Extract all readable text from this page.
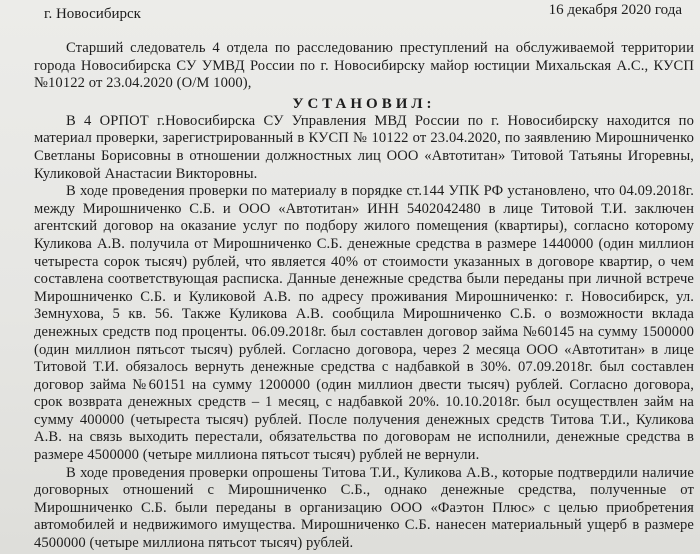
г. Новосибирск	16 декабря 2020 года

Старший следователь 4 отдела по расследованию преступлений на обслуживаемой территории города Новосибирска СУ УМВД России по г. Новосибирску майор юстиции Михальская А.С., КУСП №10122 от 23.04.2020 (О/М 1000),

УСТАНОВИЛ:

В 4 ОРПОТ г.Новосибирска СУ Управления МВД России по г. Новосибирску находится по материал проверки, зарегистрированный в КУСП № 10122 от 23.04.2020, по заявлению Мирошниченко Светланы Борисовны в отношении должностных лиц ООО «Автотитан» Титовой Татьяны Игоревны, Куликовой Анастасии Викторовны.

В ходе проведения проверки по материалу в порядке ст.144 УПК РФ установлено, что 04.09.2018г. между Мирошниченко С.Б. и ООО «Автотитан» ИНН 5402042480 в лице Титовой Т.И. заключен агентский договор на оказание услуг по подбору жилого помещения (квартиры), согласно которому Куликова А.В. получила от Мирошниченко С.Б. денежные средства в размере 1440000 (один миллион четыреста сорок тысяч) рублей, что является 40% от стоимости указанных в договоре квартир, о чем составлена соответствующая расписка. Данные денежные средства были переданы при личной встрече Мирошниченко С.Б. и Куликовой А.В. по адресу проживания Мирошниченко: г. Новосибирск, ул. Земнухова, 5 кв. 56. Также Куликова А.В. сообщила Мирошниченко С.Б. о возможности вклада денежных средств под проценты. 06.09.2018г. был составлен договор займа №60145 на сумму 1500000 (один миллион пятьсот тысяч) рублей. Согласно договора, через 2 месяца ООО «Автотитан» в лице Титовой Т.И. обязалось вернуть денежные средства с надбавкой в 30%. 07.09.2018г. был составлен договор займа №60151 на сумму 1200000 (один миллион двести тысяч) рублей. Согласно договора, срок возврата денежных средств – 1 месяц, с надбавкой 20%. 10.10.2018г. был осуществлен займ на сумму 400000 (четыреста тысяч) рублей. После получения денежных средств Титова Т.И., Куликова А.В. на связь выходить перестали, обязательства по договорам не исполнили, денежные средства в размере 4500000 (четыре миллиона пятьсот тысяч) рублей не вернули.

В ходе проведения проверки опрошены Титова Т.И., Куликова А.В., которые подтвердили наличие договорных отношений с Мирошниченко С.Б., однако денежные средства, полученные от Мирошниченко С.Б. были переданы в организацию ООО «Фаэтон Плюс» с целью приобретения автомобилей и недвижимого имущества. Мирошниченко С.Б. нанесен материальный ущерб в размере 4500000 (четыре миллиона пятьсот тысяч) рублей.
